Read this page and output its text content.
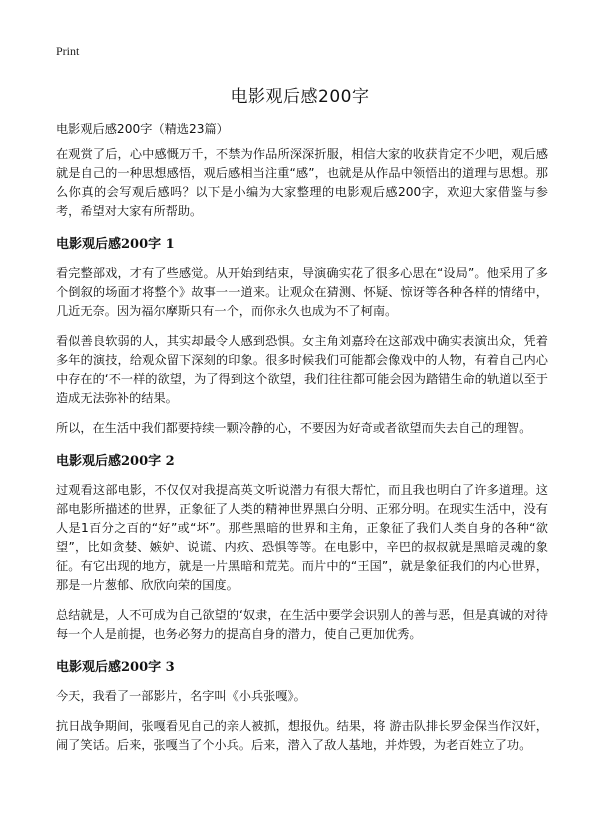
Print
电影观后感200字

电影观后感200字（精选23篇）

在观赏了后，心中感慨万千，不禁为作品所深深折服，相信大家的收获肯定不少吧，观后感就是自己的一种思想感悟，观后感相当注重“感”，也就是从作品中领悟出的道理与思想。那么你真的会写观后感吗？以下是小编为大家整理的电影观后感200字，欢迎大家借鉴与参考，希望对大家有所帮助。

电影观后感200字 1

看完整部戏，才有了些感觉。从开始到结束，导演确实花了很多心思在“设局”。他采用了多个倒叙的场面才将整个》故事一一道来。让观众在猜测、怀疑、惊讶等各种各样的情绪中，几近无奈。因为福尔摩斯只有一个，而你永久也成为不了柯南。

看似善良软弱的人，其实却最令人感到恐惧。女主角刘嘉玲在这部戏中确实表演出众，凭着多年的演技，给观众留下深刻的印象。很多时候我们可能都会像戏中的人物，有着自己内心中存在的‘不一样的欲望，为了得到这个欲望，我们往往都可能会因为踏错生命的轨道以至于造成无法弥补的结果。

所以，在生活中我们都要持续一颗冷静的心，不要因为好奇或者欲望而失去自己的理智。

电影观后感200字 2

过观看这部电影，不仅仅对我提高英文听说潜力有很大帮忙，而且我也明白了许多道理。这部电影所描述的世界，正象征了人类的精神世界黑白分明、正邪分明。在现实生活中，没有人是1百分之百的“好”或“坏”。那些黑暗的世界和主角，正象征了我们人类自身的各种“欲望”，比如贪婪、嫉妒、说谎、内疚、恐惧等等。在电影中，辛巴的叔叔就是黑暗灵魂的象征。有它出现的地方，就是一片黑暗和荒芜。而片中的“王国”，就是象征我们的内心世界，那是一片葱郁、欣欣向荣的国度。

总结就是，人不可成为自己欲望的‘奴隶，在生活中要学会识别人的善与恶，但是真诚的对待每一个人是前提，也务必努力的提高自身的潜力，使自己更加优秀。

电影观后感200字 3

今天，我看了一部影片，名字叫《小兵张嘎》。

抗日战争期间，张嘎看见自己的亲人被抓，想报仇。结果，将 游击队排长罗金保当作汉奸，闹了笑话。后来，张嘎当了个小兵。后来，潜入了敌人基地，并炸毁，为老百姓立了功。
